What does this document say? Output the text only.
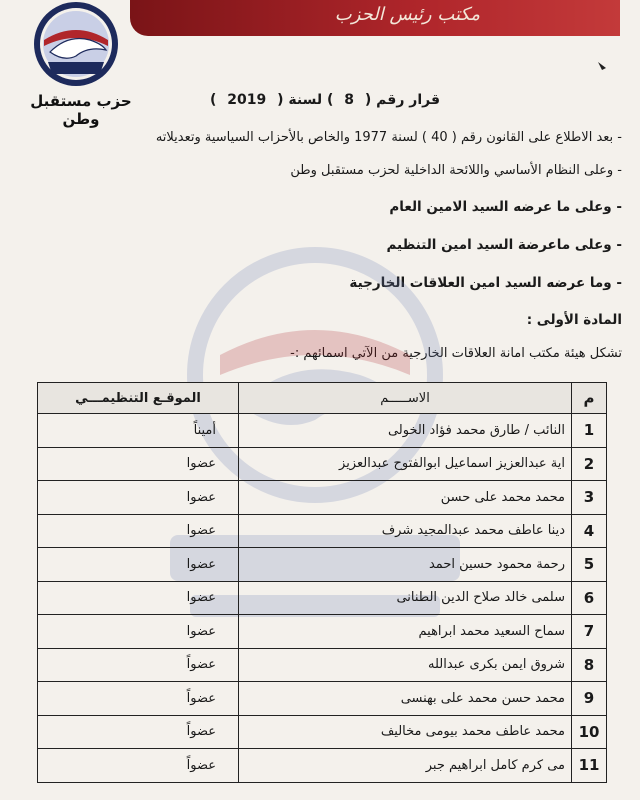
مكتب رئيس الحزب
حزب مستقبل وطن
قرار رقم ( 8 ) لسنة ( 2019 )
- بعد الاطلاع على القانون رقم ( 40 ) لسنة 1977 والخاص بالأحزاب السياسية وتعديلاته
- وعلى النظام الأساسي واللائحة الداخلية لحزب مستقبل وطن
- وعلى ما عرضه السيد الامين العام
- وعلى ماعرضة السيد امين التنظيم
- وما عرضه السيد امين العلاقات الخارجية
المادة الأولى :
تشكل هيئة مكتب امانة العلاقات الخارجية من الآتي اسمائهم :-
م	الاســـــم	الموقـع التنظيمـــي
1	النائب / طارق محمد فؤاد الخولى	أميناً
2	اية عبدالعزيز اسماعيل ابوالفتوح عبدالعزيز	عضوا
3	محمد محمد على حسن	عضوا
4	دينا عاطف محمد عبدالمجيد شرف	عضوا
5	رحمة محمود حسين احمد	عضوا
6	سلمى خالد صلاح الدين الطنانى	عضوا
7	سماح السعيد محمد ابراهيم	عضوا
8	شروق ايمن بكرى عبدالله	عضواً
9	محمد حسن محمد على بهنسى	عضواً
10	محمد عاطف محمد بيومى مخاليف	عضواً
11	مى كرم كامل ابراهيم جبر	عضواً
